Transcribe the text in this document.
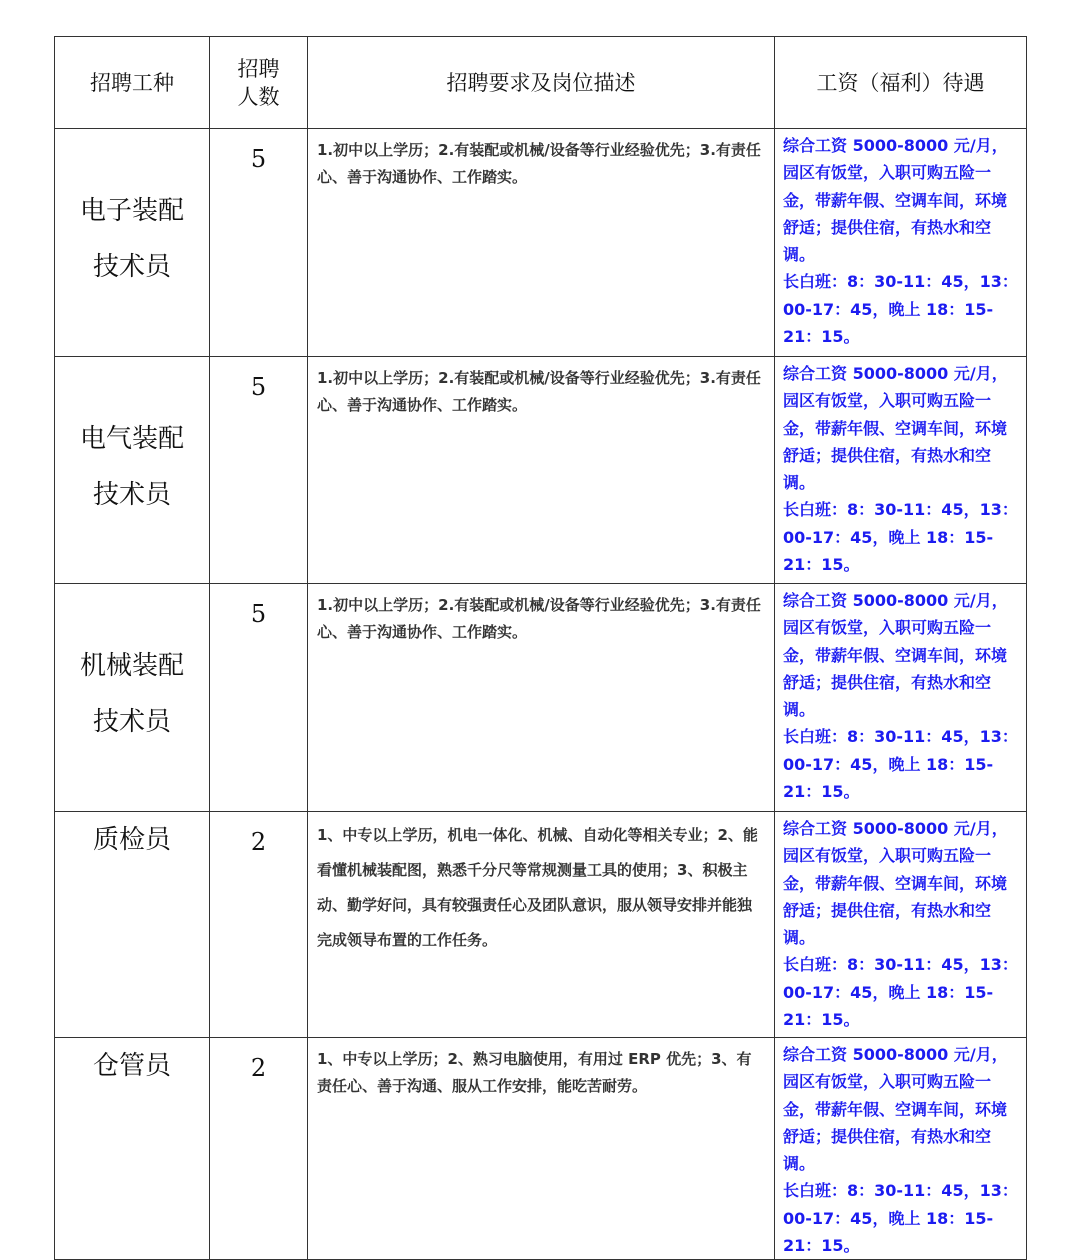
招聘工种	招聘人数	招聘要求及岗位描述	工资（福利）待遇
电子装配技术员	5	1.初中以上学历；2.有装配或机械/设备等行业经验优先；3.有责任心、善于沟通协作、工作踏实。	综合工资 5000-8000 元/月，园区有饭堂，入职可购五险一金，带薪年假、空调车间，环境舒适；提供住宿，有热水和空调。
长白班：8：30-11：45，13：00-17：45，晚上 18：15-21：15。

电气装配技术员	5	1.初中以上学历；2.有装配或机械/设备等行业经验优先；3.有责任心、善于沟通协作、工作踏实。	综合工资 5000-8000 元/月，园区有饭堂，入职可购五险一金，带薪年假、空调车间，环境舒适；提供住宿，有热水和空调。
长白班：8：30-11：45，13：00-17：45，晚上 18：15-21：15。

机械装配技术员	5	1.初中以上学历；2.有装配或机械/设备等行业经验优先；3.有责任心、善于沟通协作、工作踏实。	综合工资 5000-8000 元/月，园区有饭堂，入职可购五险一金，带薪年假、空调车间，环境舒适；提供住宿，有热水和空调。
长白班：8：30-11：45，13：00-17：45，晚上 18：15-21：15。

质检员	2	1、中专以上学历，机电一体化、机械、自动化等相关专业；2、能看懂机械装配图，熟悉千分尺等常规测量工具的使用；3、积极主动、勤学好问，具有较强责任心及团队意识，服从领导安排并能独完成领导布置的工作任务。	综合工资 5000-8000 元/月，园区有饭堂，入职可购五险一金，带薪年假、空调车间，环境舒适；提供住宿，有热水和空调。
长白班：8：30-11：45，13：00-17：45，晚上 18：15-21：15。

仓管员	2	1、中专以上学历；2、熟习电脑使用，有用过 ERP 优先；3、有责任心、善于沟通、服从工作安排，能吃苦耐劳。	综合工资 5000-8000 元/月，园区有饭堂，入职可购五险一金，带薪年假、空调车间，环境舒适；提供住宿，有热水和空调。
长白班：8：30-11：45，13：00-17：45，晚上 18：15-21：15。
